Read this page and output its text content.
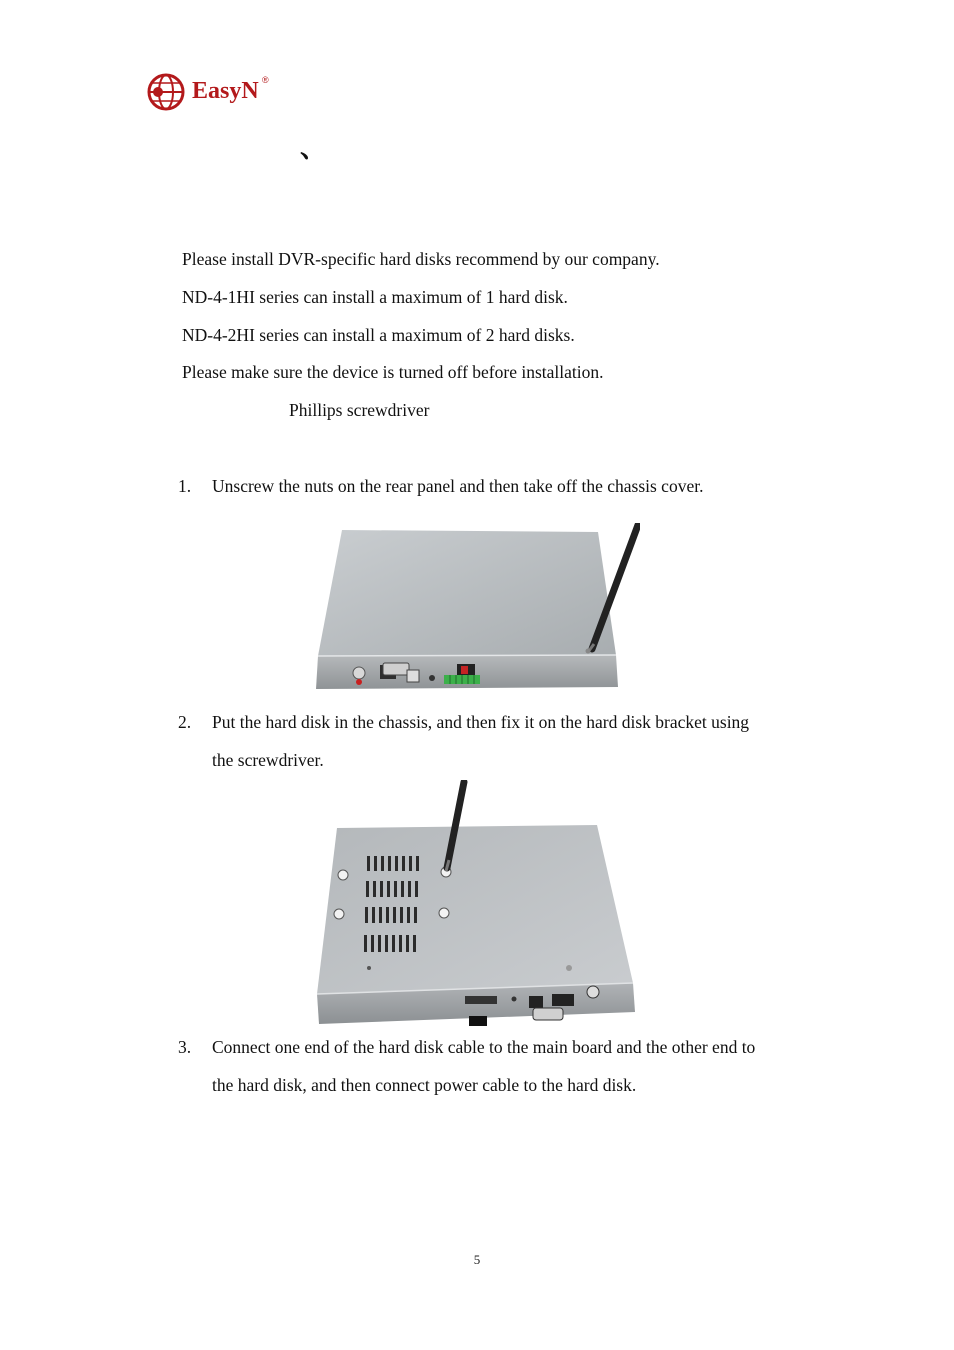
EasyN ®
、
Please install DVR-specific hard disks recommend by our company.
ND-4-1HI series can install a maximum of 1 hard disk.
ND-4-2HI series can install a maximum of 2 hard disks.
Please make sure the device is turned off before installation.
Phillips screwdriver
1. Unscrew the nuts on the rear panel and then take off the chassis cover.
2. Put the hard disk in the chassis, and then fix it on the hard disk bracket using
the screwdriver.
3. Connect one end of the hard disk cable to the main board and the other end to
the hard disk, and then connect power cable to the hard disk.
5
